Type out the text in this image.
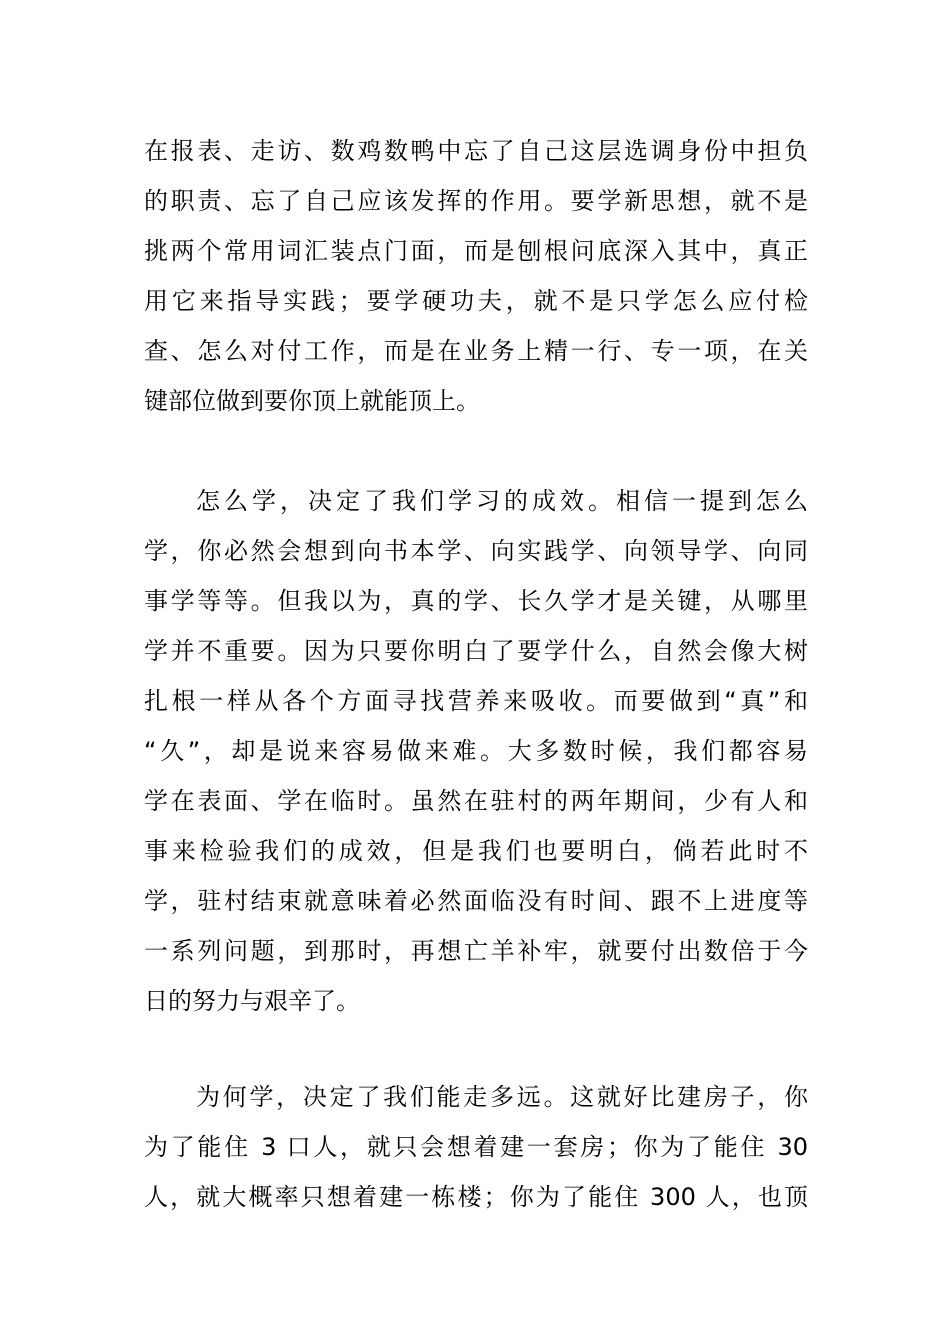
在报表、走访、数鸡数鸭中忘了自己这层选调身份中担负
的职责、忘了自己应该发挥的作用。要学新思想，就不是
挑两个常用词汇装点门面，而是刨根问底深入其中，真正
用它来指导实践；要学硬功夫，就不是只学怎么应付检
查、怎么对付工作，而是在业务上精一行、专一项，在关
键部位做到要你顶上就能顶上。
怎么学，决定了我们学习的成效。相信一提到怎么
学，你必然会想到向书本学、向实践学、向领导学、向同
事学等等。但我以为，真的学、长久学才是关键，从哪里
学并不重要。因为只要你明白了要学什么，自然会像大树
扎根一样从各个方面寻找营养来吸收。而要做到“真”和
“久”，却是说来容易做来难。大多数时候，我们都容易
学在表面、学在临时。虽然在驻村的两年期间，少有人和
事来检验我们的成效，但是我们也要明白，倘若此时不
学，驻村结束就意味着必然面临没有时间、跟不上进度等
一系列问题，到那时，再想亡羊补牢，就要付出数倍于今
日的努力与艰辛了。
为何学，决定了我们能走多远。这就好比建房子，你
为了能住 3 口人，就只会想着建一套房；你为了能住 30
人，就大概率只想着建一栋楼；你为了能住 300 人，也顶
